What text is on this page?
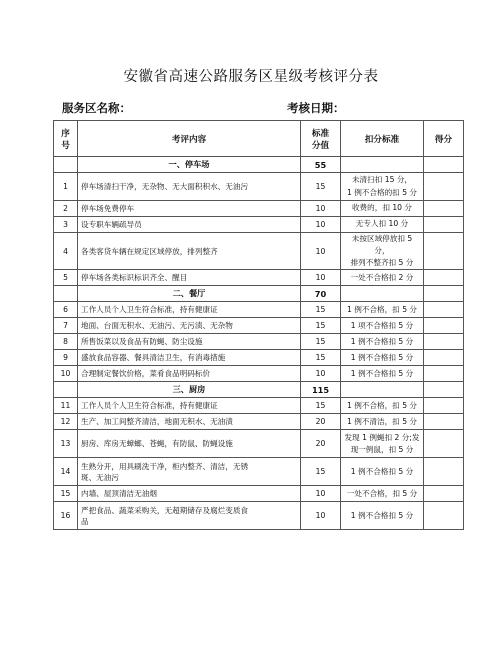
安徽省高速公路服务区星级考核评分表
服务区名称：	考核日期：
序
号	考评内容	标准
分值	扣分标准	得分
	一、停车场	55		
1	停车场清扫干净，无杂物、无大面积积水、无油污	15	未清扫扣 15 分，
1 例不合格的扣 5 分	
2	停车场免费停车	10	收费的，扣 10 分	
3	设专职车辆疏导员	10	无专人扣 10 分	
4	各类客货车辆在规定区域停放，排列整齐	10	未按区域停放扣 5 分，
排列不整齐扣 5 分	
5	停车场各类标识标识齐全、醒目	10	一处不合格扣 2 分	
	二、餐厅	70		
6	工作人员个人卫生符合标准，持有健康证	15	1 例不合格，扣 5 分	
7	地面、台面无积水、无油污、无污渍、无杂物	15	1 项不合格扣 5 分	
8	所售饭菜以及食品有防蝇、防尘设施	15	1 例不合格扣 5 分	
9	盛放食品容器、餐具清洁卫生，有消毒措施	15	1 例不合格扣 5 分	
10	合理制定餐饮价格，菜肴食品明码标价	10	1 例不合格扣 5 分	
	三、厨房	115		
11	工作人员个人卫生符合标准，持有健康证	15	1 例不合格，扣 5 分	
12	生产、加工间整齐清洁，地面无积水、无油渍	20	1 例不清洁，扣 5 分	
13	厨房、库房无蟑螂、苍蝇，有防鼠、防蝇设施	20	发现 1 例蝇扣 2 分;发
现一例鼠，扣 5 分	
14	生熟分开，用具刷洗干净，柜内整齐、清洁，无锈
斑、无油污	15	1 例不合格扣 5 分	
15	内墙、屋顶清洁无油烟	10	一处不合格，扣 5 分	
16	严把食品、蔬菜采购关，无超期储存及腐烂变质食
品	10	1 例不合格扣 5 分	
